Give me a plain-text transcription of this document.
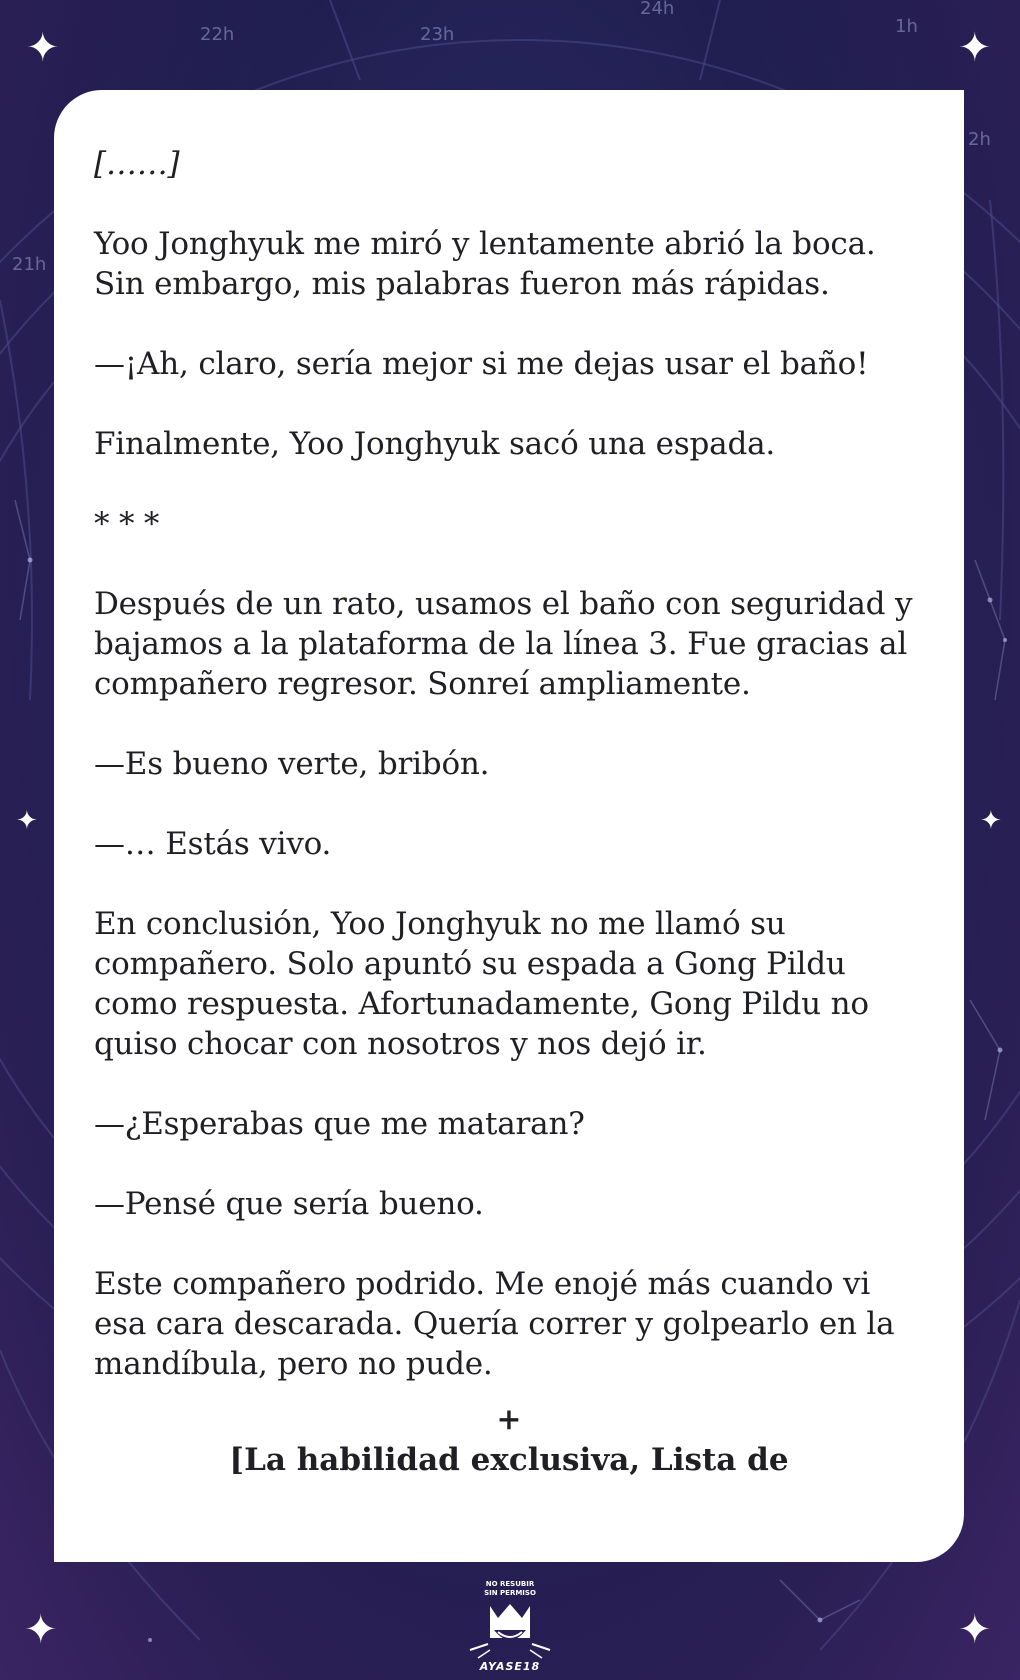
23h
24h
1h
2h
21h
22h
✦	✦
✦	✦
✦	✦

[……]

Yoo Jonghyuk me miró y lentamente abrió la boca. Sin embargo, mis palabras fueron más rápidas.

—¡Ah, claro, sería mejor si me dejas usar el baño!

Finalmente, Yoo Jonghyuk sacó una espada.

* * *

Después de un rato, usamos el baño con seguridad y bajamos a la plataforma de la línea 3. Fue gracias al compañero regresor. Sonreí ampliamente.

—Es bueno verte, bribón.

—… Estás vivo.

En conclusión, Yoo Jonghyuk no me llamó su compañero. Solo apuntó su espada a Gong Pildu como respuesta. Afortunadamente, Gong Pildu no quiso chocar con nosotros y nos dejó ir.

—¿Esperabas que me mataran?

—Pensé que sería bueno.

Este compañero podrido. Me enojé más cuando vi esa cara descarada. Quería correr y golpearlo en la mandíbula, pero no pude.

+
[La habilidad exclusiva, Lista de
NO RESUBIR
SIN PERMISO
AYASE18
